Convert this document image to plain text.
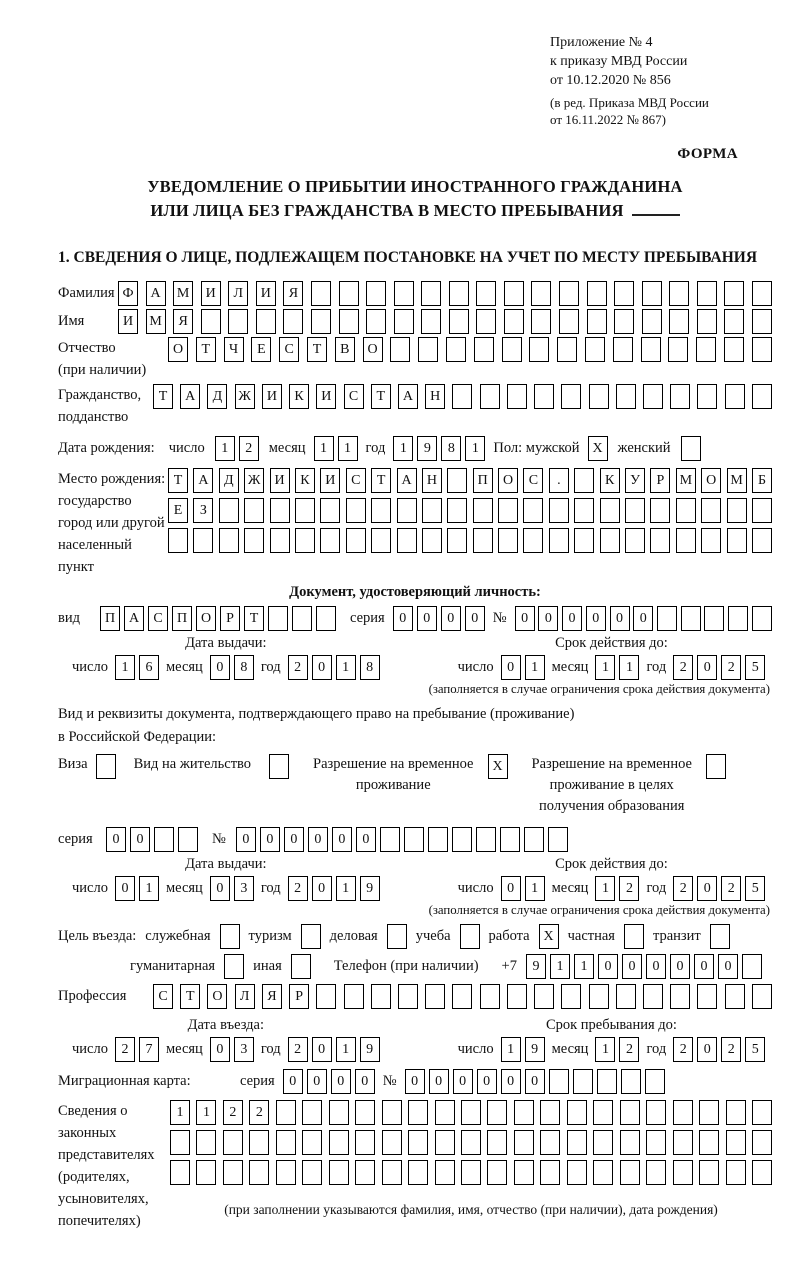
Приложение № 4
к приказу МВД России
от 10.12.2020 № 856
(в ред. Приказа МВД России
от 16.11.2022 № 867)
ФОРМА
УВЕДОМЛЕНИЕ О ПРИБЫТИИ ИНОСТРАННОГО ГРАЖДАНИНА
ИЛИ ЛИЦА БЕЗ ГРАЖДАНСТВА В МЕСТО ПРЕБЫВАНИЯ
1. СВЕДЕНИЯ О ЛИЦЕ, ПОДЛЕЖАЩЕМ ПОСТАНОВКЕ НА УЧЕТ ПО МЕСТУ ПРЕБЫВАНИЯ
Фамилия Ф	А	М	И	Л	И	Я
Имя	И	М	Я
Отчество
(при наличии)
О	Т	Ч	Е	С	Т	В	О
Гражданство,
подданство
Т	А	Д	Ж	И	К	И	С	Т	А	Н
Дата рождения: число	1	2	месяц	1	1	год	1	9	8	1	Пол: мужской X	женский
Место рождения:
государство
город или другой
населенный пункт
Т	А	Д	Ж	И	К	И	С	Т	А	Н	П	О	С	.	К	У	Р	М	О	М	Б
Е	З
Документ, удостоверяющий личность:
вид	П А	С	П О	Р	Т	серия	0	0	0	0	№	0	0	0	0	0	0
Дата выдачи:
число 1	6 месяц 0	8 год 2	0	1	8
Срок действия до:
число 0	1 месяц 1	1 год 2	0	2	5
(заполняется в случае ограничения срока действия документа)
Вид и реквизиты документа, подтверждающего право на пребывание (проживание)
в Российской Федерации:
Виза	Вид на жительство	Разрешение на временное
проживание
X	Разрешение на временное
проживание в целях
получения образования
серия	0	0	№	0	0	0	0	0	0
Дата выдачи:
число 0	1 месяц 0	3 год 2	0	1	9
Срок действия до:
число 0	1 месяц 1	2 год 2	0	2	5
(заполняется в случае ограничения срока действия документа)
Цель въезда: служебная	туризм	деловая	учеба	работа X частная	транзит
гуманитарная	иная	Телефон (при наличии) +7	9	1	1	0	0	0	0	0	0
Профессия	С	Т	О	Л	Я	Р
Дата въезда:
число 2	7 месяц 0	3 год 2	0	1	9
Срок пребывания до:
число 1	9 месяц 1	2 год 2	0	2	5
Миграционная карта:	серия	0	0	0	0	№	0	0	0	0	0	0
Сведения о
законных
представителях
(родителях,
усыновителях,
попечителях)
1	1	2	2
(при заполнении указываются фамилия, имя, отчество (при наличии), дата рождения)
